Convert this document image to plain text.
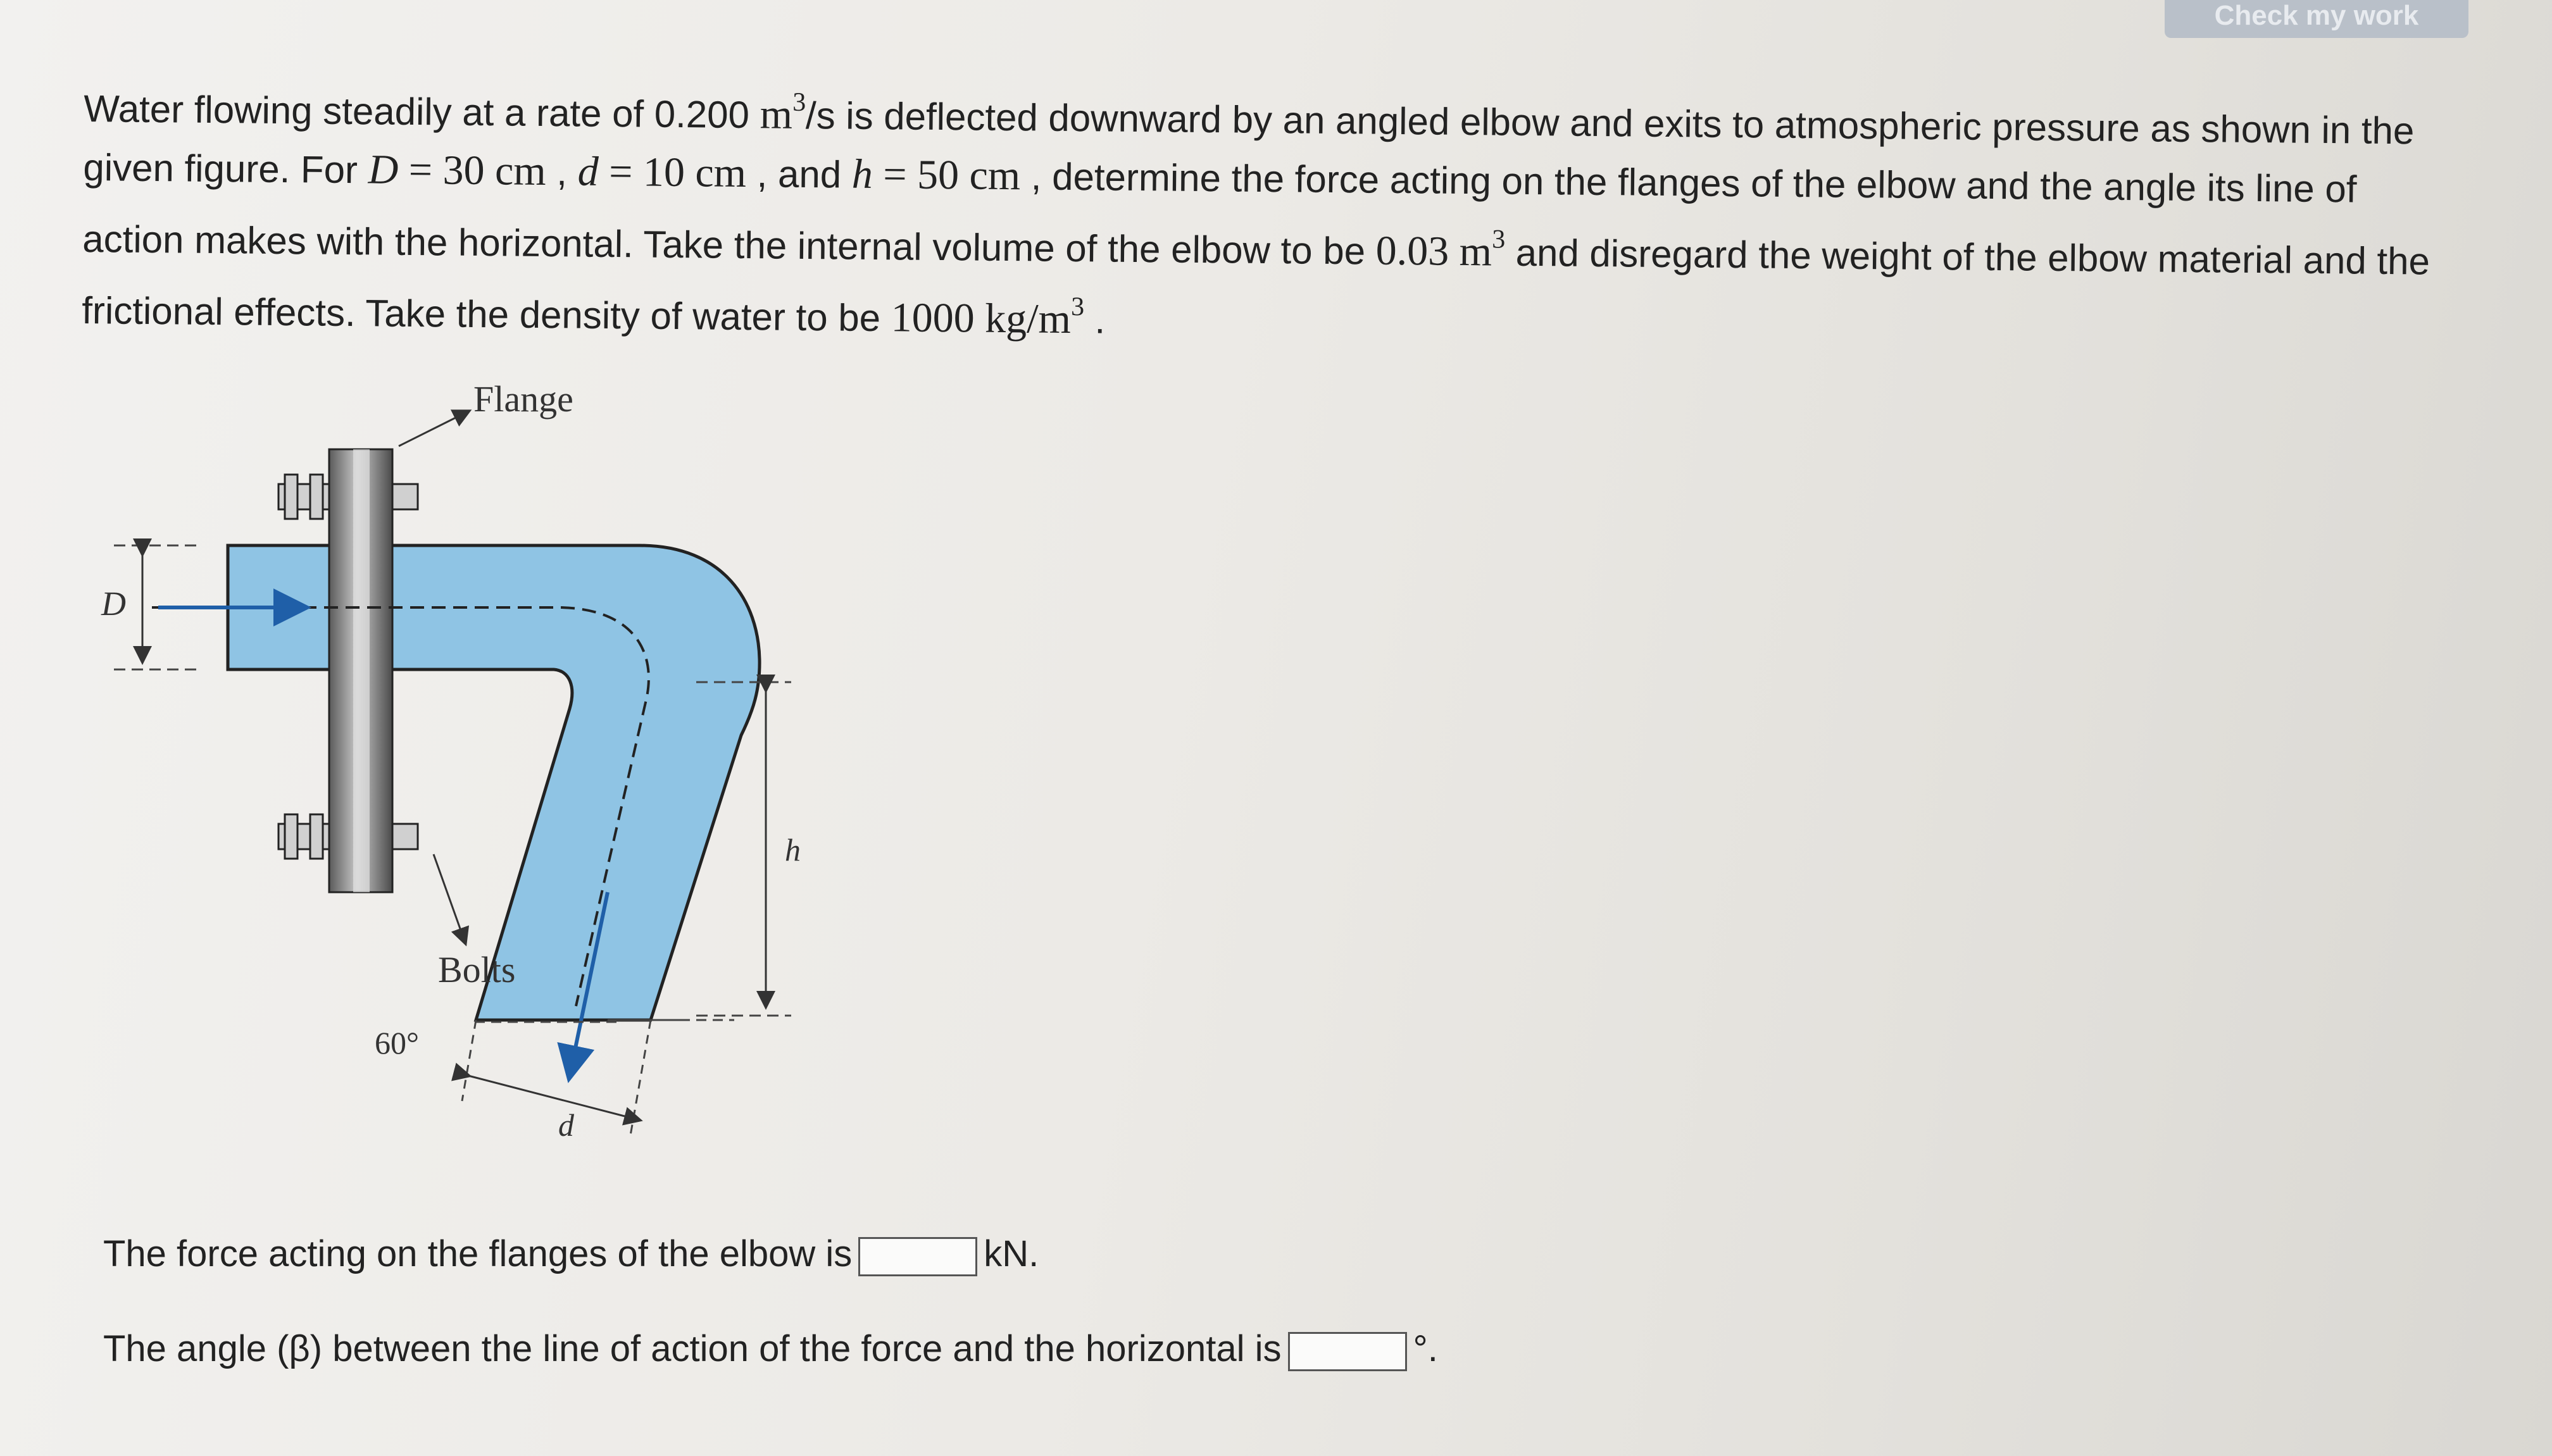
Check my work

Water flowing steadily at a rate of 0.200 $m^3/s$ is deflected downward by an angled elbow and exits to atmospheric pressure as shown in the given figure. For D = 30 cm , d = 10 cm , and h = 50 cm , determine the force acting on the flanges of the elbow and the angle its line of action makes with the horizontal. Take the internal volume of the elbow to be 0.03 $m^3$ and disregard the weight of the elbow material and the frictional effects. Take the density of water to be 1000 $kg/m^3$ .

D
h
d
60°
Flange
Bolts
The force acting on the flanges of the elbow is	kN.
The angle (β) between the line of action of the force and the horizontal is	°.
